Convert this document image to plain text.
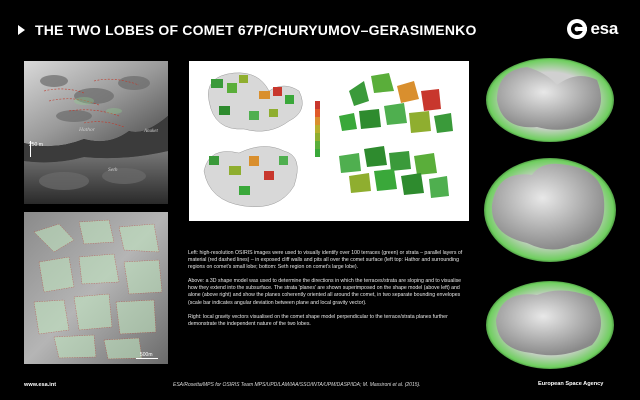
THE TWO LOBES OF COMET 67P/CHURYUMOV–GERASIMENKO	esa
Hathor	Anuket
Seth
250 m
500m

Left: high-resolution OSIRIS images were used to visually identify over 100 terraces (green) or strata – parallel layers of material (red dashed lines) – in exposed cliff walls and pits all over the comet surface (left top: Hathor and surrounding regions on comet's small lobe; bottom: Seth region on comet's large lobe).

Above: a 3D shape model was used to determine the directions in which the terraces/strata are sloping and to visualise how they extend into the subsurface. The strata 'planes' are shown superimposed on the shape model (above left) and alone (above right) and show the planes coherently oriented all around the comet, in two separate bounding envelopes (scale bar indicates angular deviation between plane and local gravity vector).

Right: local gravity vectors visualised on the comet shape model perpendicular to the terrace/strata planes further demonstrate the independent nature of the two lobes.

www.esa.int	ESA/Rosetta/MPS for OSIRIS Team MPS/UPD/LAM/IAA/SSO/INTA/UPM/DASP/IDA; M. Massironi et al. (2015).	European Space Agency
